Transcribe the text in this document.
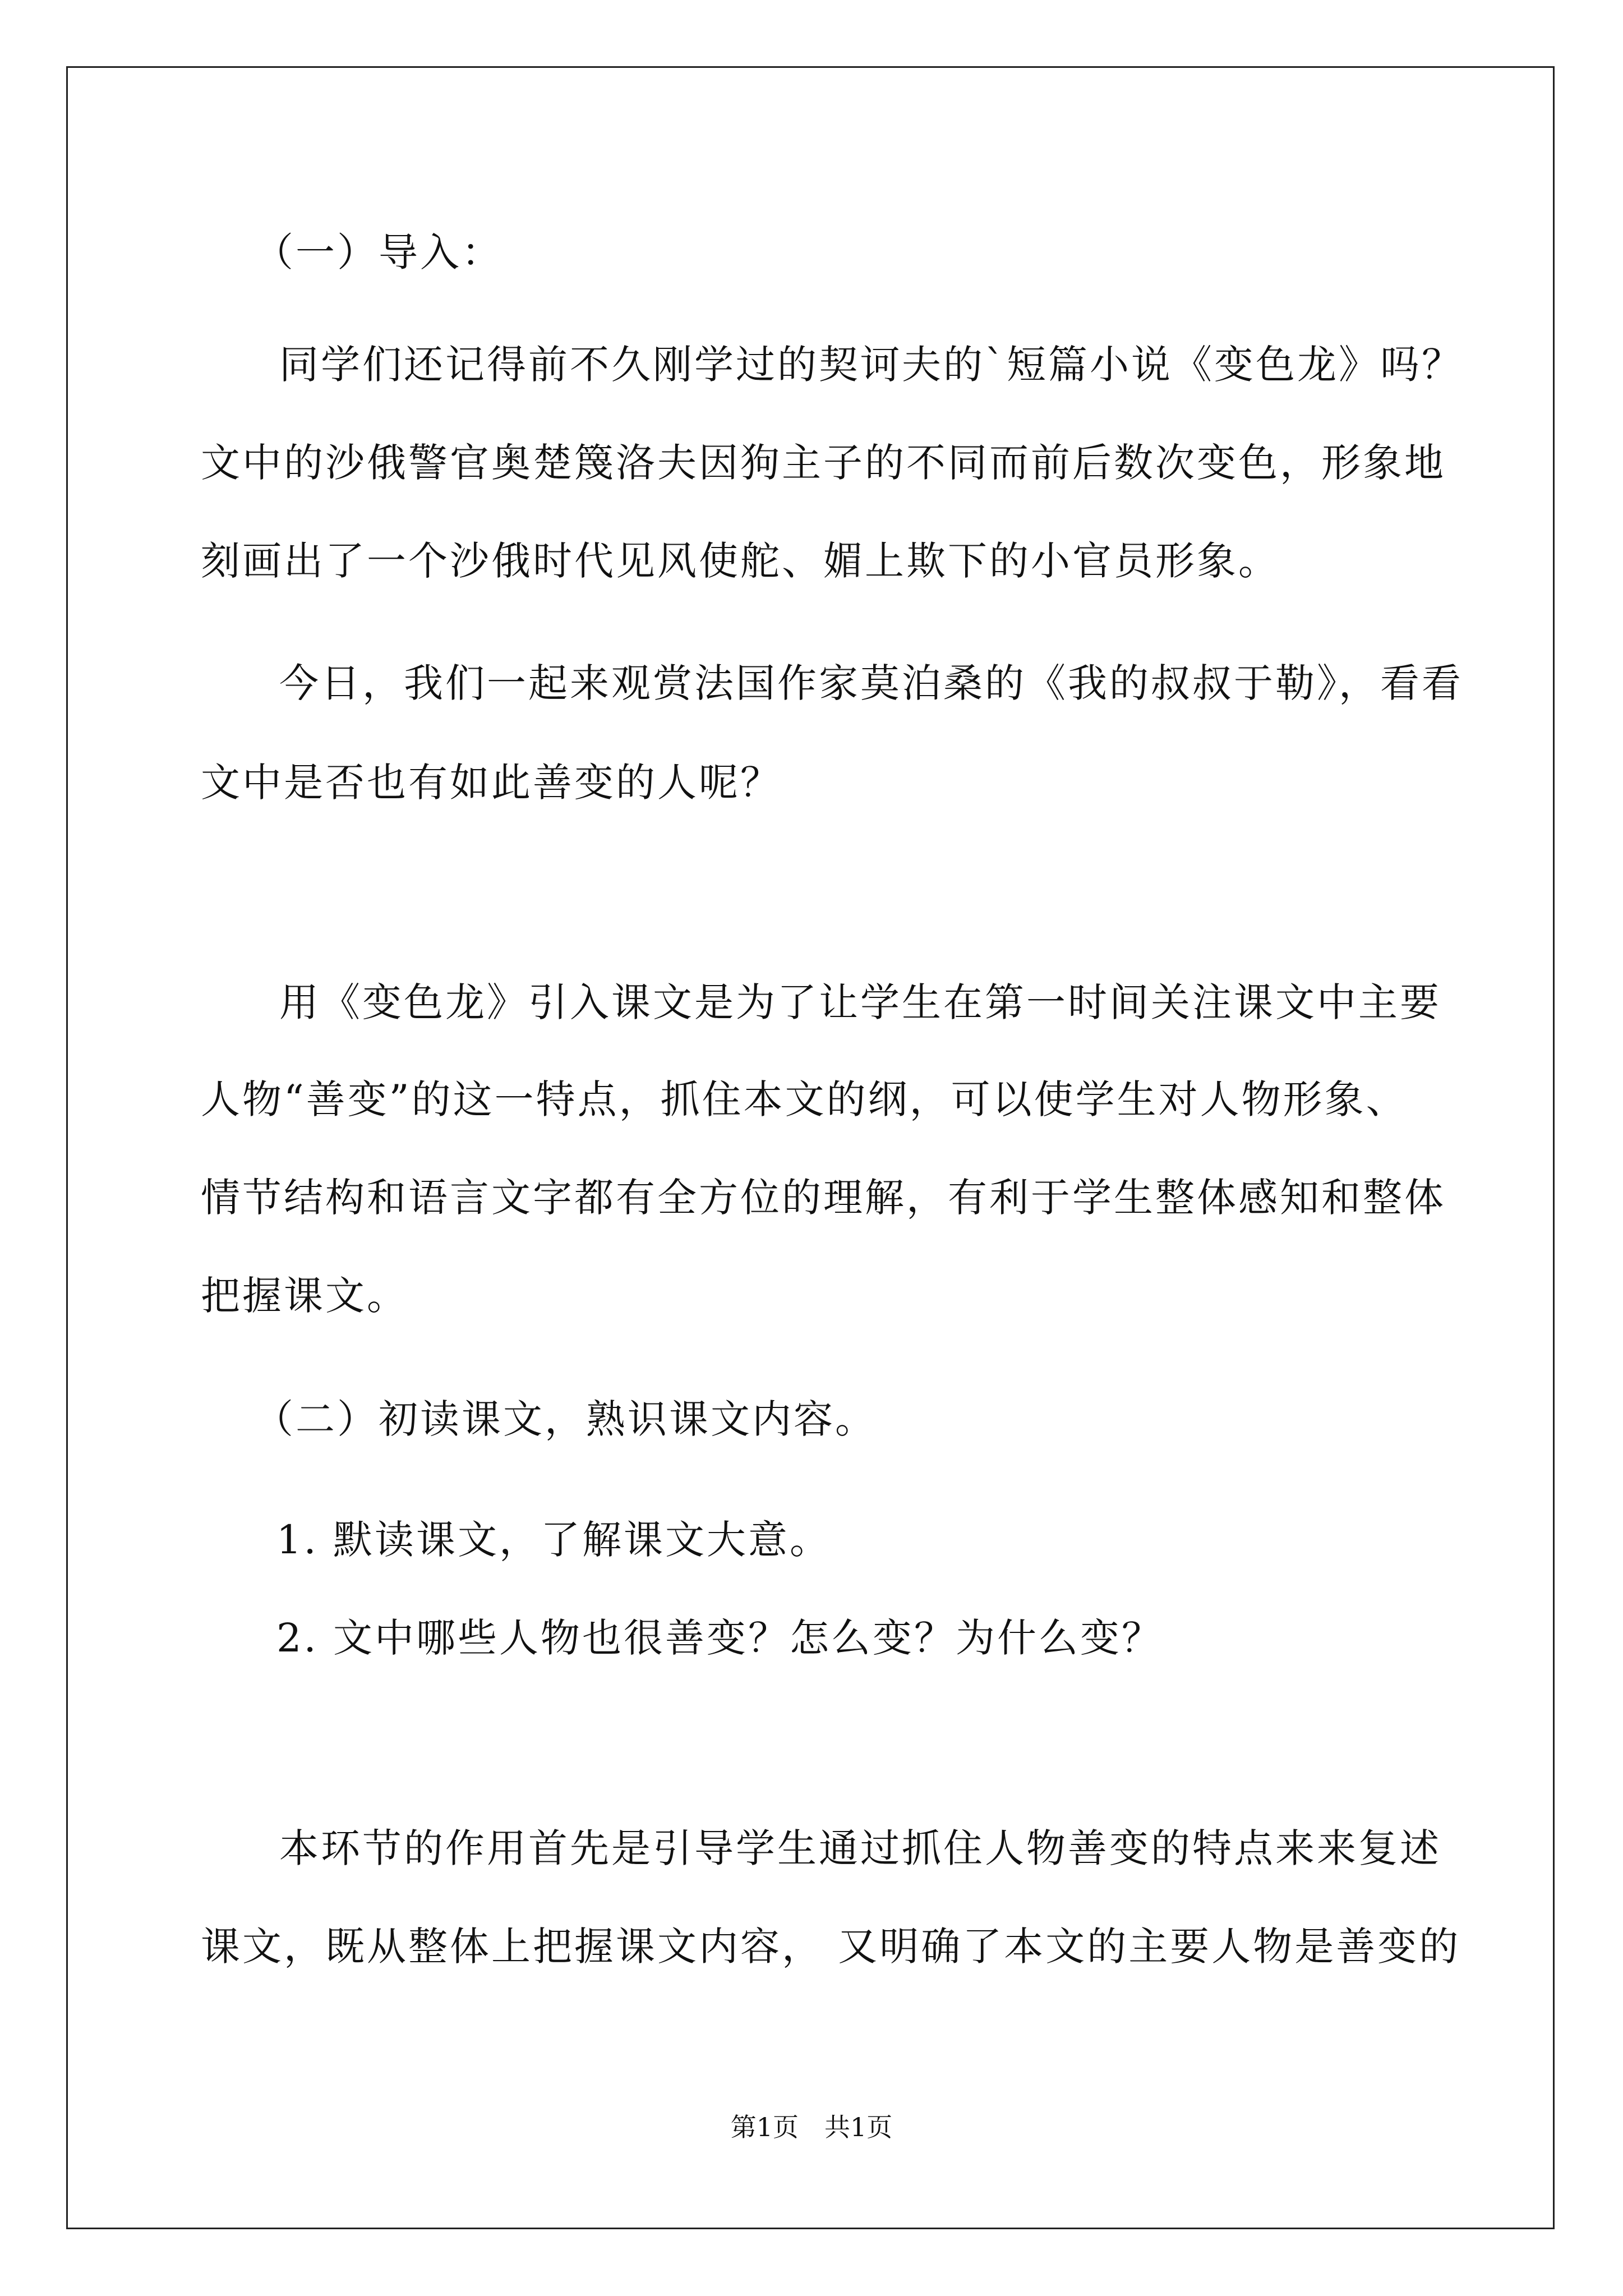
（一）导入：
同学们还记得前不久刚学过的契诃夫的`短篇小说《变色龙》吗？
文中的沙俄警官奥楚篾洛夫因狗主子的不同而前后数次变色，形象地
刻画出了一个沙俄时代见风使舵、媚上欺下的小官员形象。
今日，我们一起来观赏法国作家莫泊桑的《我的叔叔于勒》，看看
文中是否也有如此善变的人呢？
用《变色龙》引入课文是为了让学生在第一时间关注课文中主要
人物“善变”的这一特点，抓住本文的纲，可以使学生对人物形象、
情节结构和语言文字都有全方位的理解，有利于学生整体感知和整体
把握课文。
（二）初读课文，熟识课文内容。
1. 默读课文，了解课文大意。
2. 文中哪些人物也很善变？怎么变？为什么变？
本环节的作用首先是引导学生通过抓住人物善变的特点来来复述
课文，既从整体上把握课文内容， 又明确了本文的主要人物是善变的
第1页　共1页
